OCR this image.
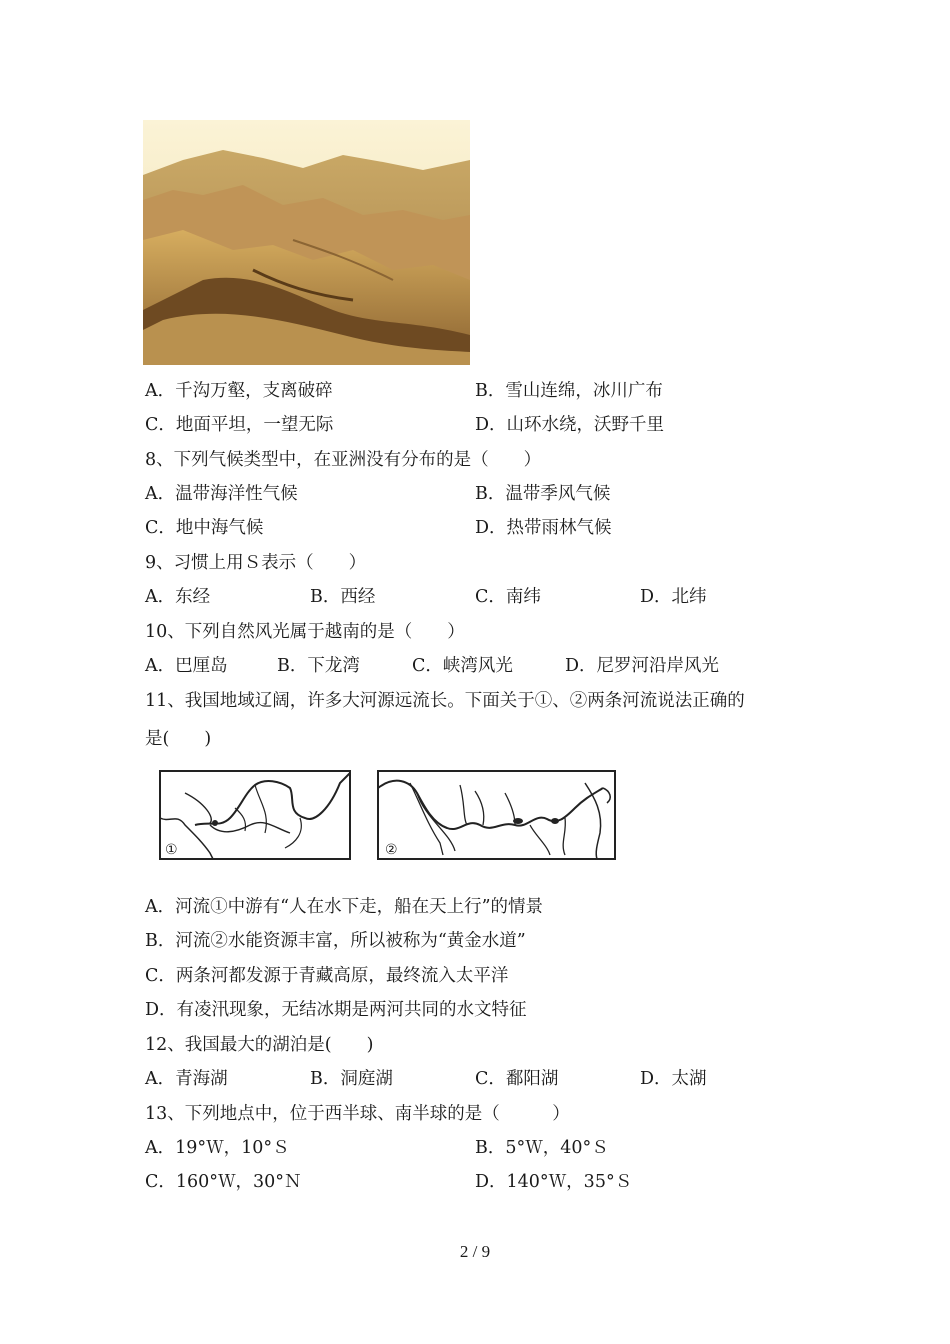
A．千沟万壑，支离破碎	B．雪山连绵，冰川广布
C．地面平坦，一望无际	D．山环水绕，沃野千里
8、下列气候类型中，在亚洲没有分布的是（　　）
A．温带海洋性气候	B．温带季风气候
C．地中海气候	D．热带雨林气候
9、习惯上用Ｓ表示（　　）
A．东经	B．西经	C．南纬	D．北纬
10、下列自然风光属于越南的是（　　）
A．巴厘岛	B．下龙湾	C．峡湾风光	D．尼罗河沿岸风光
11、我国地域辽阔，许多大河源远流长。下面关于①、②两条河流说法正确的
是(　　)
①	②
A．河流①中游有“人在水下走，船在天上行”的情景
B．河流②水能资源丰富，所以被称为“黄金水道”
C．两条河都发源于青藏高原，最终流入太平洋
D．有凌汛现象，无结冰期是两河共同的水文特征
12、我国最大的湖泊是(　　)
A．青海湖	B．洞庭湖	C．鄱阳湖	D．太湖
13、下列地点中，位于西半球、南半球的是（　　　）
A．19°Ｗ，10°Ｓ	B．5°Ｗ，40°Ｓ
C．160°Ｗ，30°Ｎ	D．140°Ｗ，35°Ｓ
2 / 9
